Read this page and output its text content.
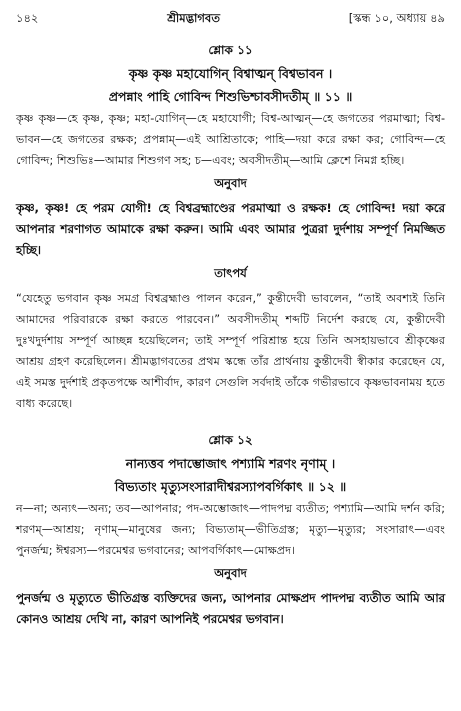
১৪২	শ্রীমদ্ভাগবত	[স্কন্ধ ১০, অধ্যায় ৪৯
শ্লোক ১১
কৃষ্ণ কৃষ্ণ মহাযোগিন্‌ বিশ্বাত্মন্‌ বিশ্বভাবন ।
প্রপন্নাং পাহি গোবিন্দ শিশুভিশ্চাবসীদতীম্‌ ॥ ১১ ॥
কৃষ্ণ কৃষ্ণ—হে কৃষ্ণ, কৃষ্ণ; মহা-যোগিন্‌—হে মহাযোগী; বিশ্ব-আত্মন্‌—হে জগতের পরমাত্মা; বিশ্ব-ভাবন—হে জগতের রক্ষক; প্রপন্নাম্‌—এই আশ্রিতাকে; পাহি—দয়া করে রক্ষা কর; গোবিন্দ—হে গোবিন্দ; শিশুভিঃ—আমার শিশুগণ সহ; চ—এবং; অবসীদতীম্‌—আমি ক্লেশে নিমগ্ন হচ্ছি।
অনুবাদ
কৃষ্ণ, কৃষ্ণ! হে পরম যোগী! হে বিশ্বব্রহ্মাণ্ডের পরমাত্মা ও রক্ষক! হে গোবিন্দ! দয়া করে আপনার শরণাগত আমাকে রক্ষা করুন। আমি এবং আমার পুত্ররা দুর্দশায় সম্পূর্ণ নিমজ্জিত হচ্ছি।
তাৎপর্য
“যেহেতু ভগবান কৃষ্ণ সমগ্র বিশ্বব্রহ্মাণ্ড পালন করেন,” কুন্তীদেবী ভাবলেন, “তাই অবশ্যই তিনি আমাদের পরিবারকে রক্ষা করতে পারবেন।” অবসীদতীম্‌ শব্দটি নির্দেশ করছে যে, কুন্তীদেবী দুঃখদুর্দশায় সম্পূর্ণ আচ্ছন্ন হয়েছিলেন; তাই সম্পূর্ণ পরিশ্রান্ত হয়ে তিনি অসহায়ভাবে শ্রীকৃষ্ণের আশ্রয় গ্রহণ করেছিলেন। শ্রীমদ্ভাগবতের প্রথম স্কন্ধে তাঁর প্রার্থনায় কুন্তীদেবী স্বীকার করেছেন যে, এই সমস্ত দুর্দশাই প্রকৃতপক্ষে আশীর্বাদ, কারণ সেগুলি সর্বদাই তাঁকে গভীরভাবে কৃষ্ণভাবনাময় হতে বাধ্য করেছে।
শ্লোক ১২
নান্যত্তব পদাম্ভোজাৎ পশ্যামি শরণং নৃণাম্‌ ।
বিভ্যতাং মৃত্যুসংসারাদীশ্বরস্যাপবর্গিকাৎ ॥ ১২ ॥
ন—না; অন্যৎ—অন্য; তব—আপনার; পদ-অম্ভোজাৎ—পাদপদ্ম ব্যতীত; পশ্যামি—আমি দর্শন করি; শরণম্‌—আশ্রয়; নৃণাম্‌—মানুষের জন্য; বিভ্যতাম্‌—ভীতিগ্রস্ত; মৃত্যু—মৃত্যুর; সংসারাৎ—এবং পুনর্জন্ম; ঈশ্বরস্য—পরমেশ্বর ভগবানের; আপবর্গিকাৎ—মোক্ষপ্রদ।
অনুবাদ
পুনর্জন্ম ও মৃত্যুতে ভীতিগ্রস্ত ব্যক্তিদের জন্য, আপনার মোক্ষপ্রদ পাদপদ্ম ব্যতীত আমি আর কোনও আশ্রয় দেখি না, কারণ আপনিই পরমেশ্বর ভগবান।
